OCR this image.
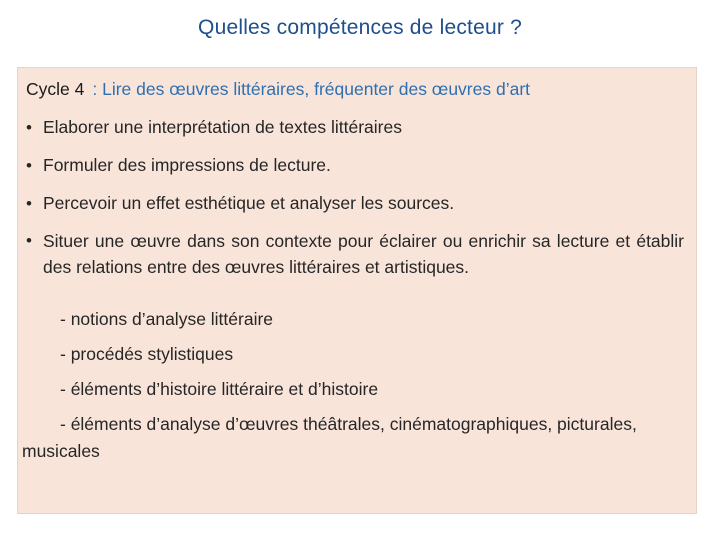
Quelles compétences de lecteur ?
Cycle 4 : Lire des œuvres littéraires, fréquenter des œuvres d’art
• Elaborer une interprétation de textes littéraires
• Formuler des impressions de lecture.
• Percevoir un effet esthétique et analyser les sources.
• Situer une œuvre dans son contexte pour éclairer ou enrichir sa lecture et établir des relations entre des œuvres littéraires et artistiques.
- notions d’analyse littéraire
- procédés stylistiques
- éléments d’histoire littéraire et d’histoire
- éléments d’analyse d’œuvres théâtrales, cinématographiques, picturales, musicales
